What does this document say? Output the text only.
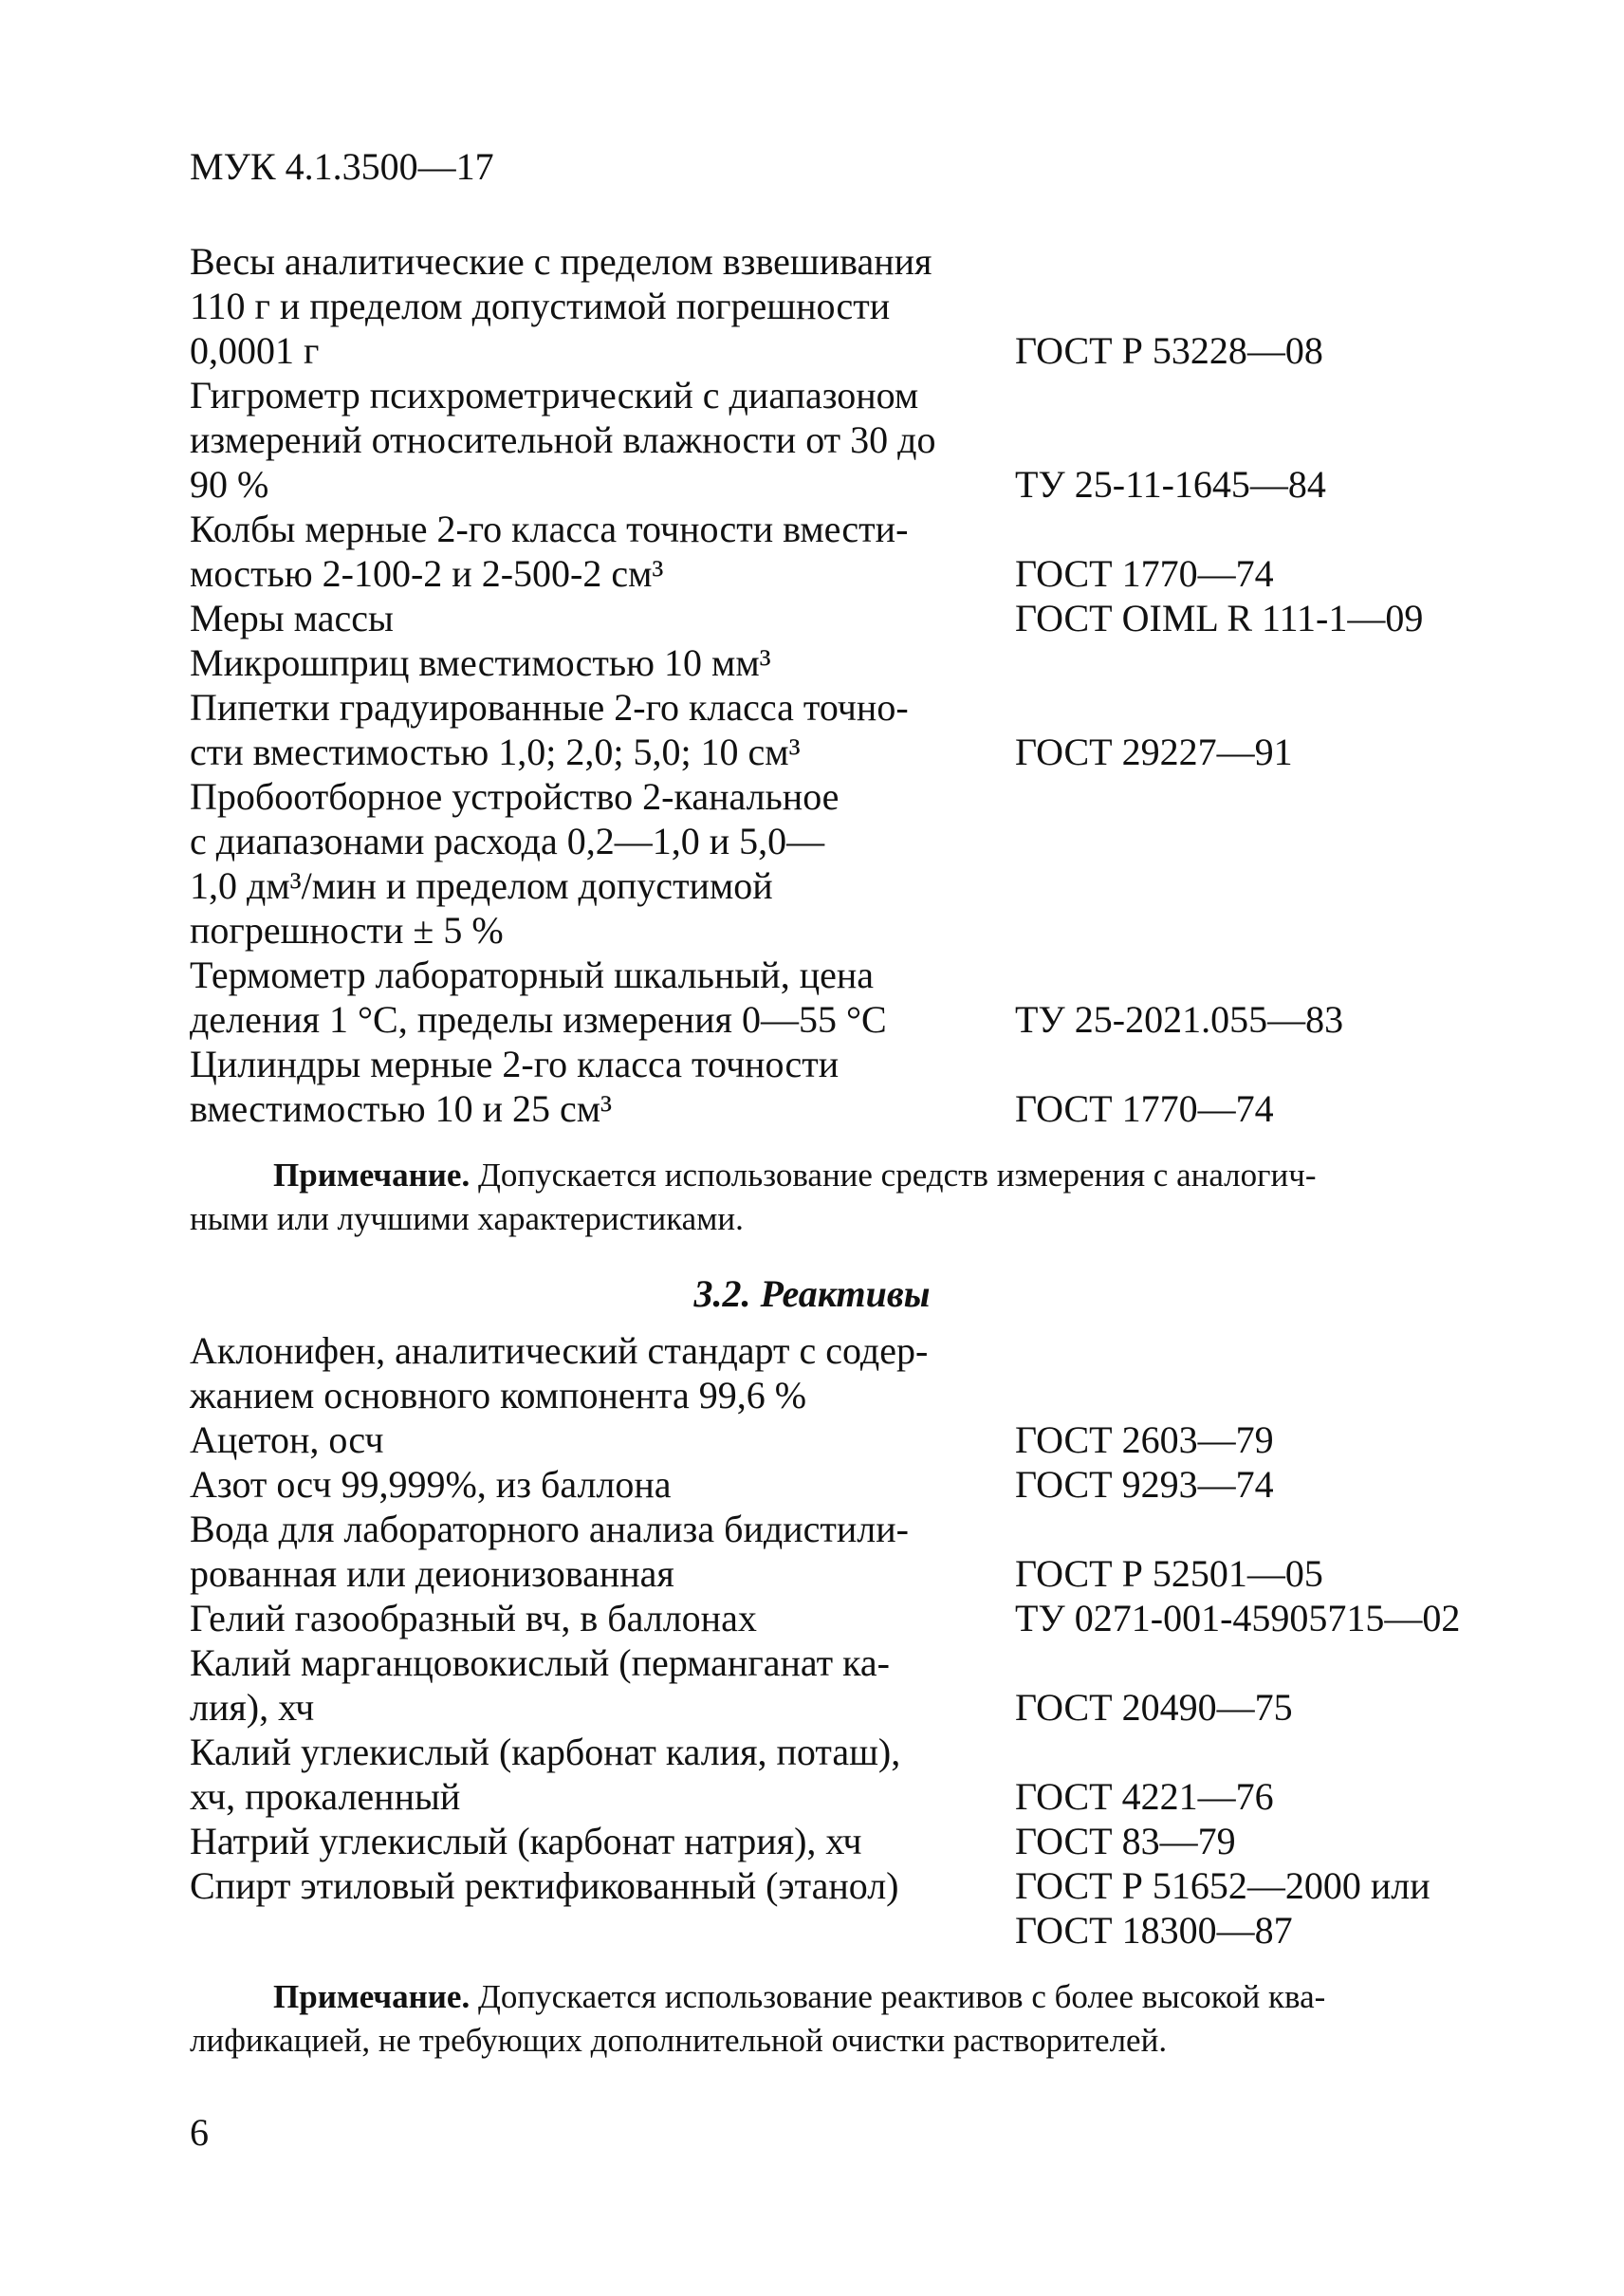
МУК 4.1.3500—17
Весы аналитические с пределом взвешивания
110 г и пределом допустимой погрешности
0,0001 г	ГОСТ Р 53228—08
Гигрометр психрометрический с диапазоном
измерений относительной влажности от 30 до
90 %	ТУ 25-11-1645—84
Колбы мерные 2-го класса точности вмести-
мостью 2-100-2 и 2-500-2 см³	ГОСТ 1770—74
Меры массы	ГОСТ OIML R 111-1—09
Микрошприц вместимостью 10 мм³
Пипетки градуированные 2-го класса точно-
сти вместимостью 1,0; 2,0; 5,0; 10 см³	ГОСТ 29227—91
Пробоотборное устройство 2-канальное
с диапазонами расхода 0,2—1,0 и 5,0—
1,0 дм³/мин и пределом допустимой
погрешности ± 5 %
Термометр лабораторный шкальный, цена
деления 1 °C, пределы измерения 0—55 °C	ТУ 25-2021.055—83
Цилиндры мерные 2-го класса точности
вместимостью 10 и 25 см³	ГОСТ 1770—74
Примечание. Допускается использование средств измерения с аналогич-
ными или лучшими характеристиками.
3.2. Реактивы
Аклонифен, аналитический стандарт с содер-
жанием основного компонента 99,6 %
Ацетон, осч	ГОСТ 2603—79
Азот осч 99,999%, из баллона	ГОСТ 9293—74
Вода для лабораторного анализа бидистили-
рованная или деионизованная	ГОСТ Р 52501—05
Гелий газообразный вч, в баллонах	ТУ 0271-001-45905715—02
Калий марганцовокислый (перманганат ка-
лия), хч	ГОСТ 20490—75
Калий углекислый (карбонат калия, поташ),
хч, прокаленный	ГОСТ 4221—76
Натрий углекислый (карбонат натрия), хч	ГОСТ 83—79
Спирт этиловый ректификованный (этанол)	ГОСТ Р 51652—2000 или
ГОСТ 18300—87
Примечание. Допускается использование реактивов с более высокой ква-
лификацией, не требующих дополнительной очистки растворителей.
6
